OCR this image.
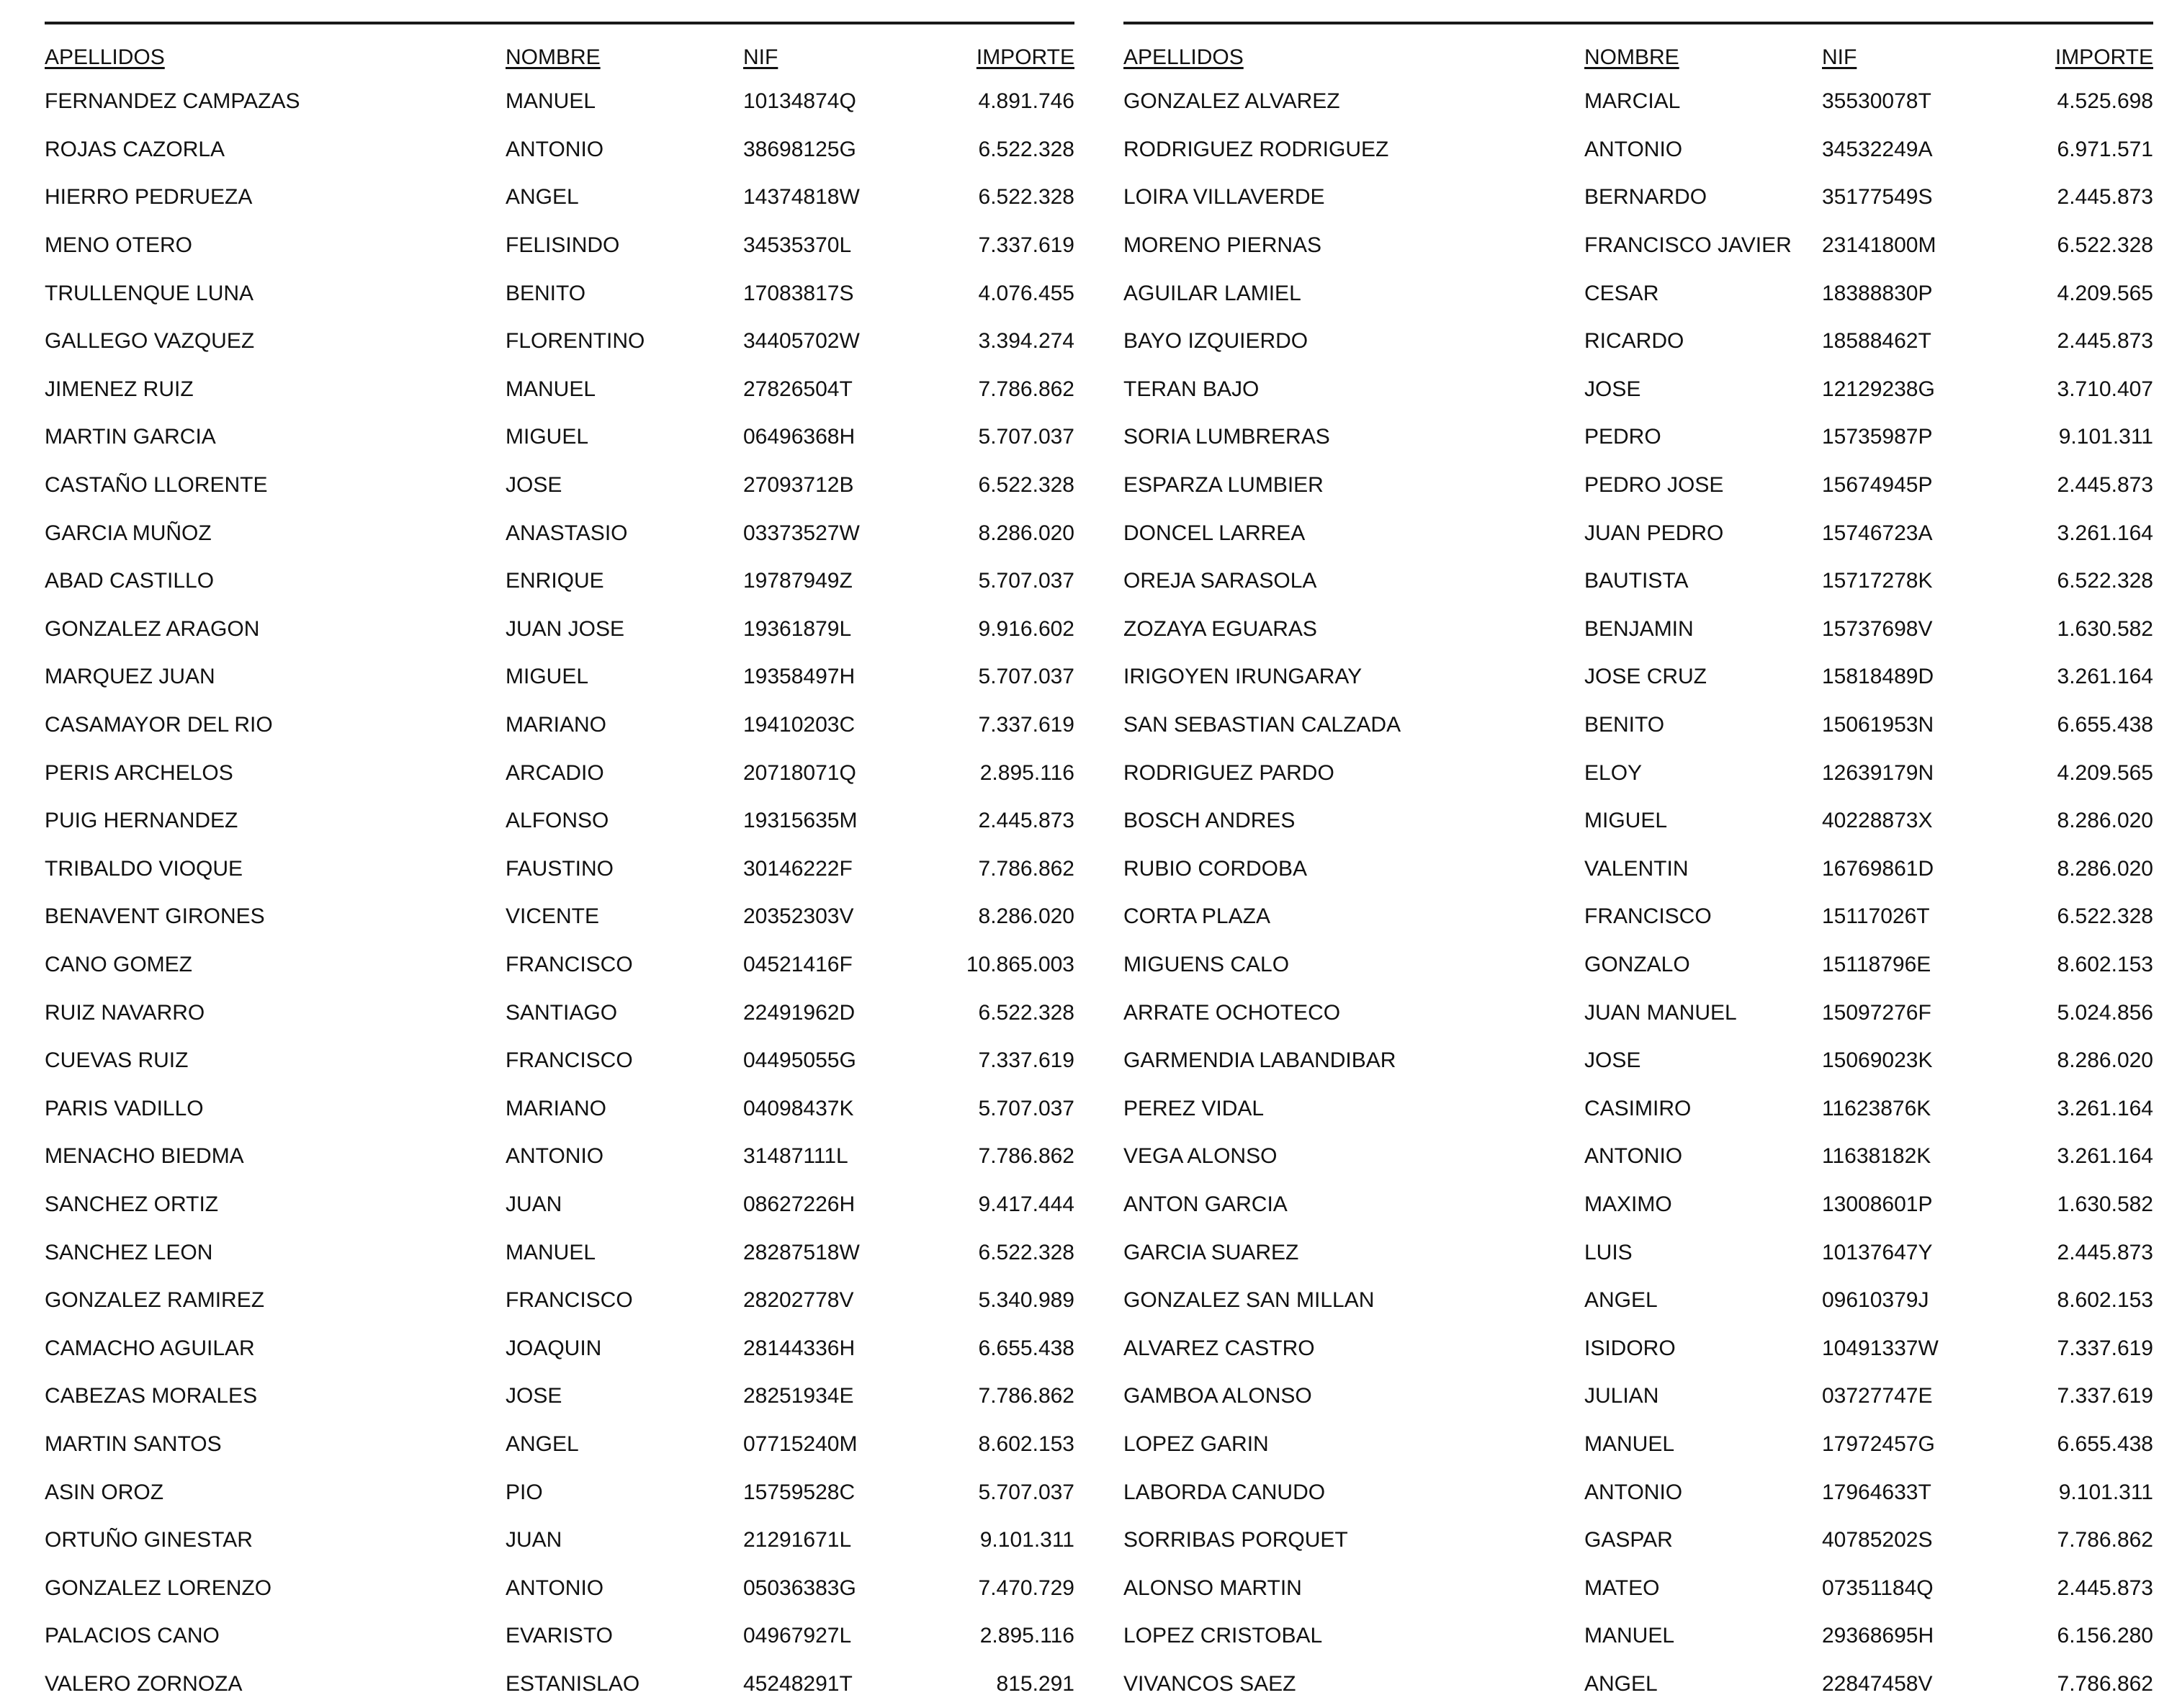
APELLIDOS	NOMBRE	NIF	IMPORTE
FERNANDEZ CAMPAZAS	MANUEL	10134874Q	4.891.746
ROJAS CAZORLA	ANTONIO	38698125G	6.522.328
HIERRO PEDRUEZA	ANGEL	14374818W	6.522.328
MENO OTERO	FELISINDO	34535370L	7.337.619
TRULLENQUE LUNA	BENITO	17083817S	4.076.455
GALLEGO VAZQUEZ	FLORENTINO	34405702W	3.394.274
JIMENEZ RUIZ	MANUEL	27826504T	7.786.862
MARTIN GARCIA	MIGUEL	06496368H	5.707.037
CASTAÑO LLORENTE	JOSE	27093712B	6.522.328
GARCIA MUÑOZ	ANASTASIO	03373527W	8.286.020
ABAD CASTILLO	ENRIQUE	19787949Z	5.707.037
GONZALEZ ARAGON	JUAN JOSE	19361879L	9.916.602
MARQUEZ JUAN	MIGUEL	19358497H	5.707.037
CASAMAYOR DEL RIO	MARIANO	19410203C	7.337.619
PERIS ARCHELOS	ARCADIO	20718071Q	2.895.116
PUIG HERNANDEZ	ALFONSO	19315635M	2.445.873
TRIBALDO VIOQUE	FAUSTINO	30146222F	7.786.862
BENAVENT GIRONES	VICENTE	20352303V	8.286.020
CANO GOMEZ	FRANCISCO	04521416F	10.865.003
RUIZ NAVARRO	SANTIAGO	22491962D	6.522.328
CUEVAS RUIZ	FRANCISCO	04495055G	7.337.619
PARIS VADILLO	MARIANO	04098437K	5.707.037
MENACHO BIEDMA	ANTONIO	31487111L	7.786.862
SANCHEZ ORTIZ	JUAN	08627226H	9.417.444
SANCHEZ LEON	MANUEL	28287518W	6.522.328
GONZALEZ RAMIREZ	FRANCISCO	28202778V	5.340.989
CAMACHO AGUILAR	JOAQUIN	28144336H	6.655.438
CABEZAS MORALES	JOSE	28251934E	7.786.862
MARTIN SANTOS	ANGEL	07715240M	8.602.153
ASIN OROZ	PIO	15759528C	5.707.037
ORTUÑO GINESTAR	JUAN	21291671L	9.101.311
GONZALEZ LORENZO	ANTONIO	05036383G	7.470.729
PALACIOS CANO	EVARISTO	04967927L	2.895.116
VALERO ZORNOZA	ESTANISLAO	45248291T	815.291
APELLIDOS	NOMBRE	NIF	IMPORTE
GONZALEZ ALVAREZ	MARCIAL	35530078T	4.525.698
RODRIGUEZ RODRIGUEZ	ANTONIO	34532249A	6.971.571
LOIRA VILLAVERDE	BERNARDO	35177549S	2.445.873
MORENO PIERNAS	FRANCISCO JAVIER	23141800M	6.522.328
AGUILAR LAMIEL	CESAR	18388830P	4.209.565
BAYO IZQUIERDO	RICARDO	18588462T	2.445.873
TERAN BAJO	JOSE	12129238G	3.710.407
SORIA LUMBRERAS	PEDRO	15735987P	9.101.311
ESPARZA LUMBIER	PEDRO JOSE	15674945P	2.445.873
DONCEL LARREA	JUAN PEDRO	15746723A	3.261.164
OREJA SARASOLA	BAUTISTA	15717278K	6.522.328
ZOZAYA EGUARAS	BENJAMIN	15737698V	1.630.582
IRIGOYEN IRUNGARAY	JOSE CRUZ	15818489D	3.261.164
SAN SEBASTIAN CALZADA	BENITO	15061953N	6.655.438
RODRIGUEZ PARDO	ELOY	12639179N	4.209.565
BOSCH ANDRES	MIGUEL	40228873X	8.286.020
RUBIO CORDOBA	VALENTIN	16769861D	8.286.020
CORTA PLAZA	FRANCISCO	15117026T	6.522.328
MIGUENS CALO	GONZALO	15118796E	8.602.153
ARRATE OCHOTECO	JUAN MANUEL	15097276F	5.024.856
GARMENDIA LABANDIBAR	JOSE	15069023K	8.286.020
PEREZ VIDAL	CASIMIRO	11623876K	3.261.164
VEGA ALONSO	ANTONIO	11638182K	3.261.164
ANTON GARCIA	MAXIMO	13008601P	1.630.582
GARCIA SUAREZ	LUIS	10137647Y	2.445.873
GONZALEZ SAN MILLAN	ANGEL	09610379J	8.602.153
ALVAREZ CASTRO	ISIDORO	10491337W	7.337.619
GAMBOA ALONSO	JULIAN	03727747E	7.337.619
LOPEZ GARIN	MANUEL	17972457G	6.655.438
LABORDA CANUDO	ANTONIO	17964633T	9.101.311
SORRIBAS PORQUET	GASPAR	40785202S	7.786.862
ALONSO MARTIN	MATEO	07351184Q	2.445.873
LOPEZ CRISTOBAL	MANUEL	29368695H	6.156.280
VIVANCOS SAEZ	ANGEL	22847458V	7.786.862
